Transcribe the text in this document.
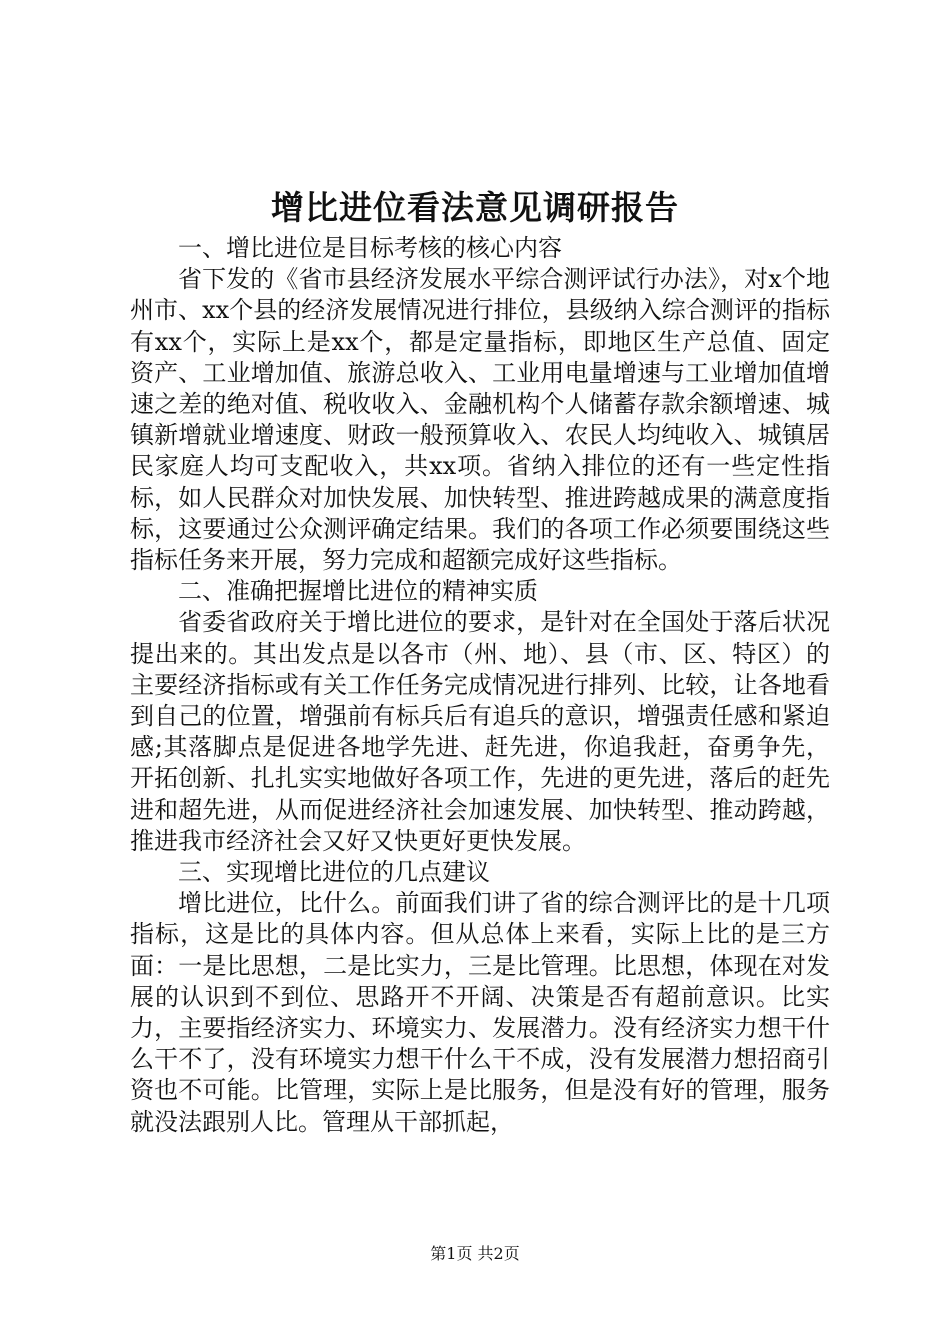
增比进位看法意见调研报告

一、增比进位是目标考核的核心内容

省下发的《省市县经济发展水平综合测评试行办法》，对x个地州市、xx个县的经济发展情况进行排位，县级纳入综合测评的指标有xx个，实际上是xx个，都是定量指标，即地区生产总值、固定资产、工业增加值、旅游总收入、工业用电量增速与工业增加值增速之差的绝对值、税收收入、金融机构个人储蓄存款余额增速、城镇新增就业增速度、财政一般预算收入、农民人均纯收入、城镇居民家庭人均可支配收入，共xx项。省纳入排位的还有一些定性指标，如人民群众对加快发展、加快转型、推进跨越成果的满意度指标，这要通过公众测评确定结果。我们的各项工作必须要围绕这些指标任务来开展，努力完成和超额完成好这些指标。

二、准确把握增比进位的精神实质

省委省政府关于增比进位的要求，是针对在全国处于落后状况提出来的。其出发点是以各市（州、地）、县（市、区、特区）的主要经济指标或有关工作任务完成情况进行排列、比较，让各地看到自己的位置，增强前有标兵后有追兵的意识，增强责任感和紧迫感;其落脚点是促进各地学先进、赶先进，你追我赶，奋勇争先，开拓创新、扎扎实实地做好各项工作，先进的更先进，落后的赶先进和超先进，从而促进经济社会加速发展、加快转型、推动跨越，推进我市经济社会又好又快更好更快发展。

三、实现增比进位的几点建议

增比进位，比什么。前面我们讲了省的综合测评比的是十几项指标，这是比的具体内容。但从总体上来看，实际上比的是三方面：一是比思想，二是比实力，三是比管理。比思想，体现在对发展的认识到不到位、思路开不开阔、决策是否有超前意识。比实力，主要指经济实力、环境实力、发展潜力。没有经济实力想干什么干不了，没有环境实力想干什么干不成，没有发展潜力想招商引资也不可能。比管理，实际上是比服务，但是没有好的管理，服务就没法跟别人比。管理从干部抓起，

第1页 共2页
